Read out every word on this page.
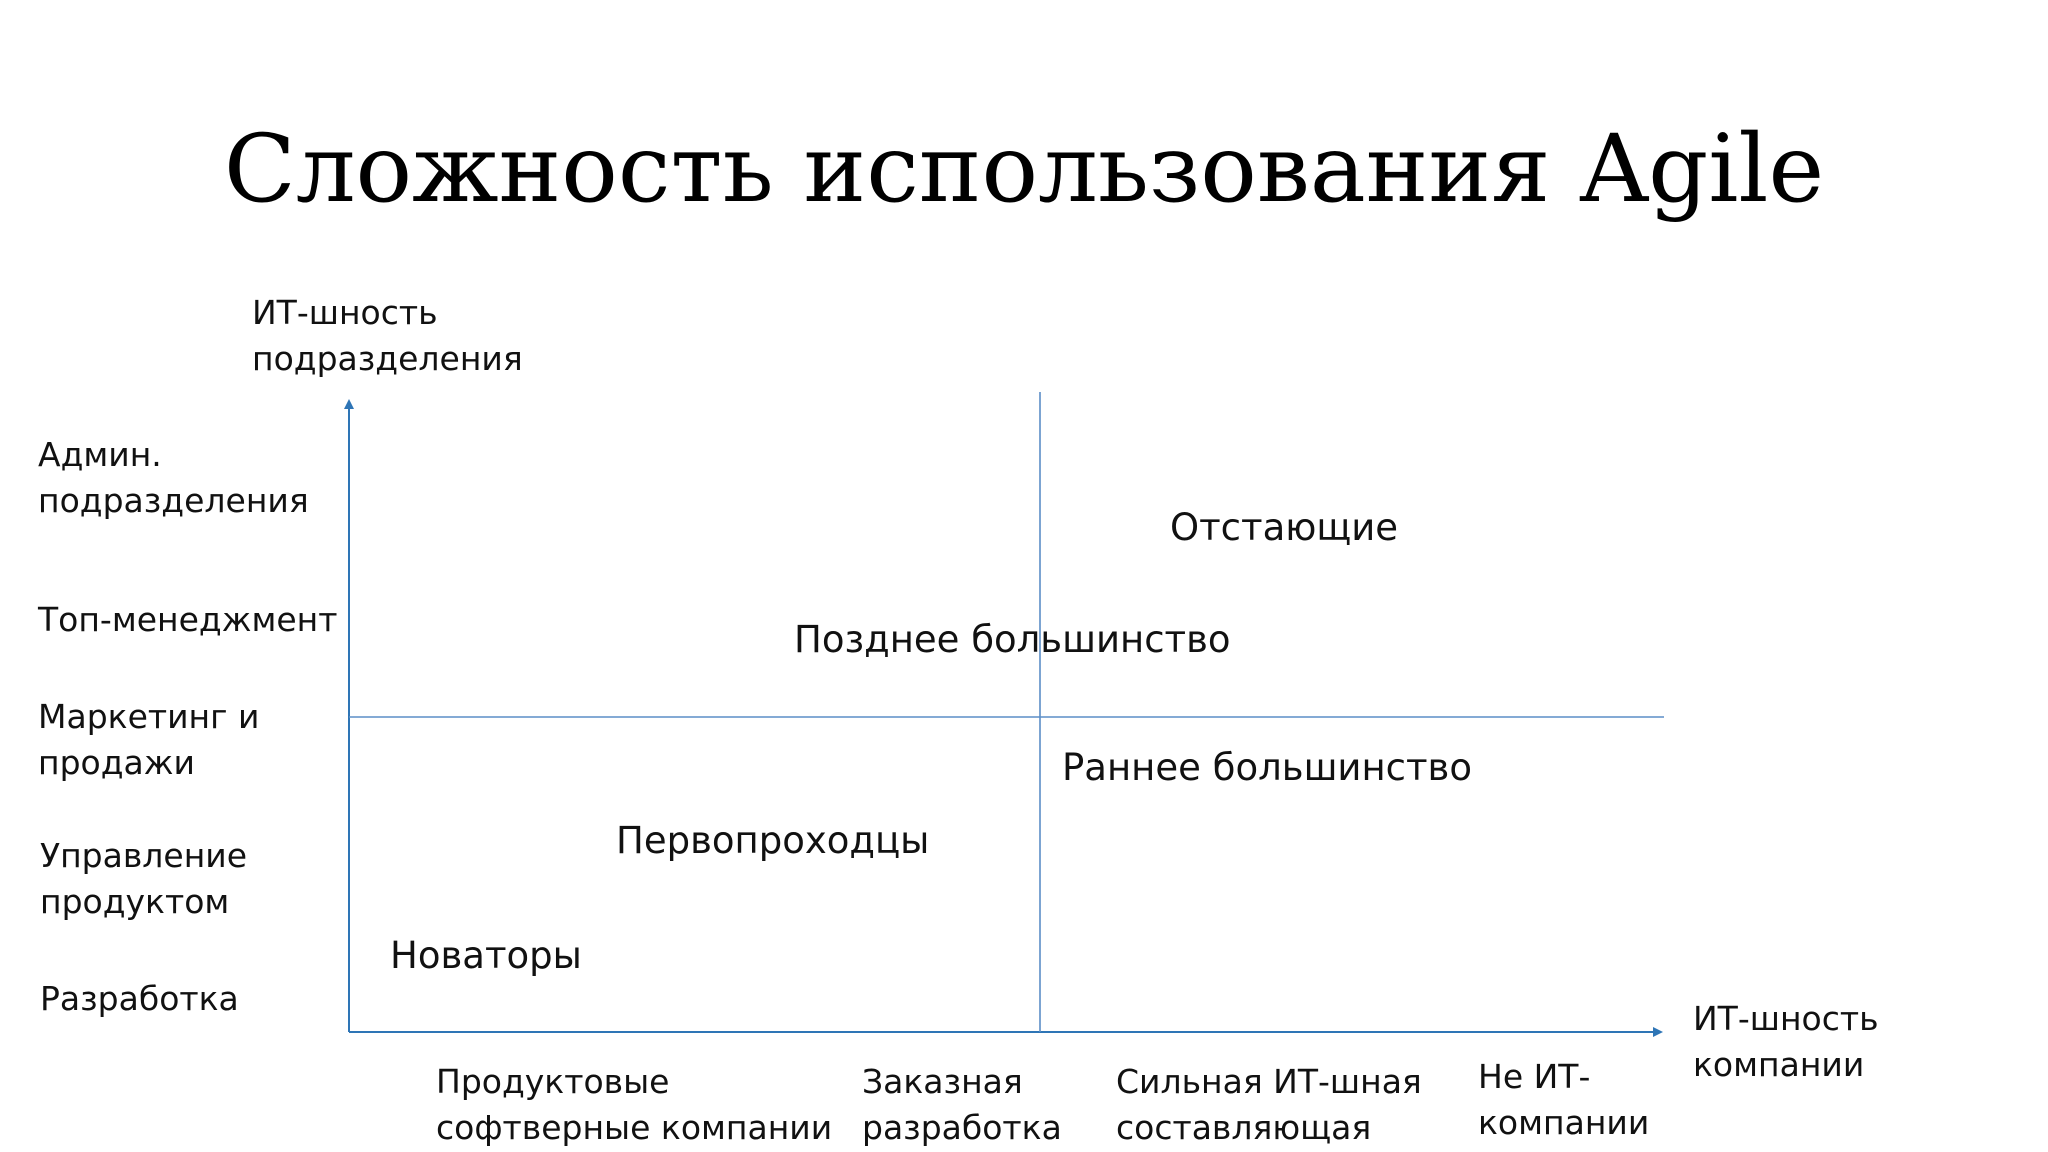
Сложность использования Agile
ИТ-шность
подразделения
Админ.
подразделения
Топ-менеджмент
Маркетинг и
продажи
Управление
продуктом
Разработка
ИТ-шность
компании
Продуктовые
софтверные компании
Заказная
разработка
Сильная ИТ-шная
составляющая
Не ИТ-
компании
Отстающие
Позднее большинство
Раннее большинство
Первопроходцы
Новаторы
